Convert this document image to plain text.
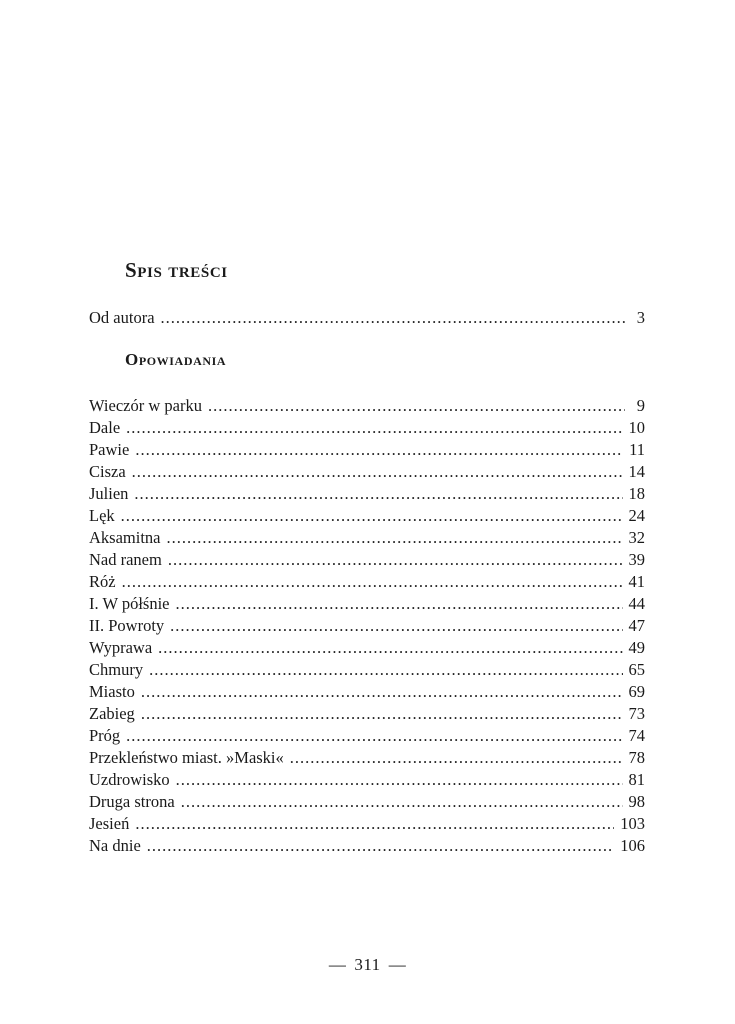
Spis treści
Od autora .....	3
Opowiadania
Wieczór w parku .....	9
Dale .....	10
Pawie .....	11
Cisza .....	14
Julien .....	18
Lęk .....	24
Aksamitna .....	32
Nad ranem .....	39
Róż .....	41
I. W półśnie .....	44
II. Powroty .....	47
Wyprawa .....	49
Chmury .....	65
Miasto .....	69
Zabieg .....	73
Próg .....	74
Przekleństwo miast. »Maski« .....	78
Uzdrowisko .....	81
Druga strona .....	98
Jesień .....	103
Na dnie .....	106
— 311 —
